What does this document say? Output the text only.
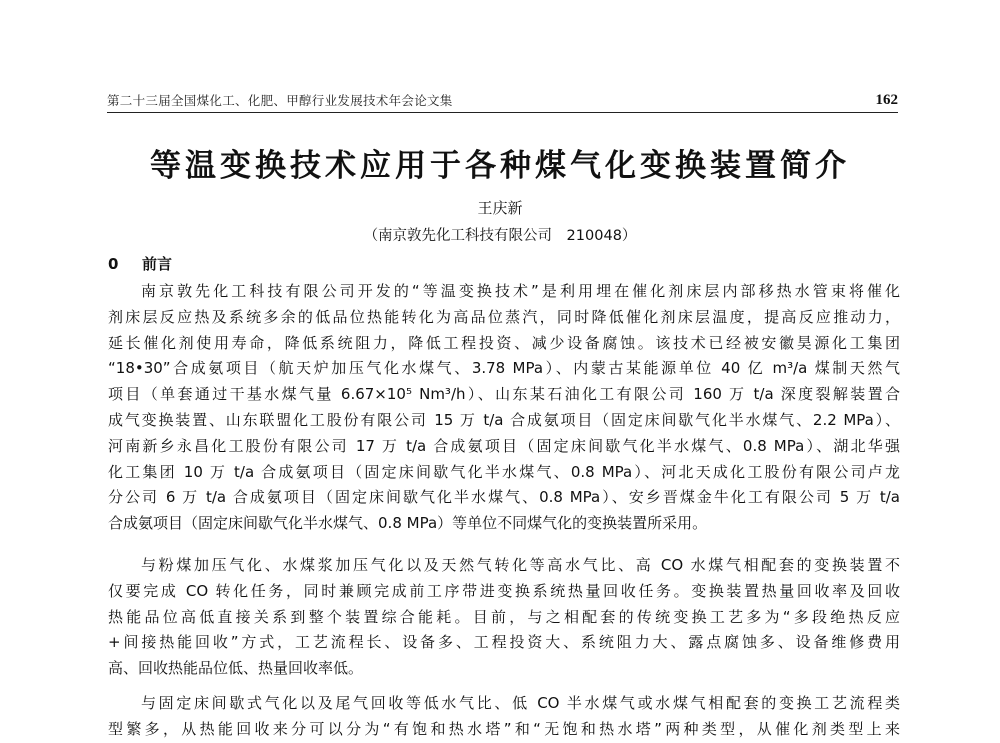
第二十三届全国煤化工、化肥、甲醇行业发展技术年会论文集	162
等温变换技术应用于各种煤气化变换装置简介
王庆新
（南京敦先化工科技有限公司　210048）
0 前言
南京敦先化工科技有限公司开发的“等温变换技术”是利用埋在催化剂床层内部移热水管束将催化
剂床层反应热及系统多余的低品位热能转化为高品位蒸汽，同时降低催化剂床层温度，提高反应推动力，
延长催化剂使用寿命，降低系统阻力，降低工程投资、减少设备腐蚀。该技术已经被安徽昊源化工集团
“18•30”合成氨项目（航天炉加压气化水煤气、3.78 MPa）、内蒙古某能源单位 40 亿 m³/a 煤制天然气
项目（单套通过干基水煤气量 6.67×10⁵ Nm³/h）、山东某石油化工有限公司 160 万 t/a 深度裂解装置合
成气变换装置、山东联盟化工股份有限公司 15 万 t/a 合成氨项目（固定床间歇气化半水煤气、2.2 MPa）、
河南新乡永昌化工股份有限公司 17 万 t/a 合成氨项目（固定床间歇气化半水煤气、0.8 MPa）、湖北华强
化工集团 10 万 t/a 合成氨项目（固定床间歇气化半水煤气、0.8 MPa）、河北天成化工股份有限公司卢龙
分公司 6 万 t/a 合成氨项目（固定床间歇气化半水煤气、0.8 MPa）、安乡晋煤金牛化工有限公司 5 万 t/a
合成氨项目（固定床间歇气化半水煤气、0.8 MPa）等单位不同煤气化的变换装置所采用。
与粉煤加压气化、水煤浆加压气化以及天然气转化等高水气比、高 CO 水煤气相配套的变换装置不
仅要完成 CO 转化任务，同时兼顾完成前工序带进变换系统热量回收任务。变换装置热量回收率及回收
热能品位高低直接关系到整个装置综合能耗。目前，与之相配套的传统变换工艺多为“多段绝热反应
+间接热能回收”方式，工艺流程长、设备多、工程投资大、系统阻力大、露点腐蚀多、设备维修费用
高、回收热能品位低、热量回收率低。
与固定床间歇式气化以及尾气回收等低水气比、低 CO 半水煤气或水煤气相配套的变换工艺流程类
型繁多，从热能回收来分可以分为“有饱和热水塔”和“无饱和热水塔”两种类型，从催化剂类型上来
